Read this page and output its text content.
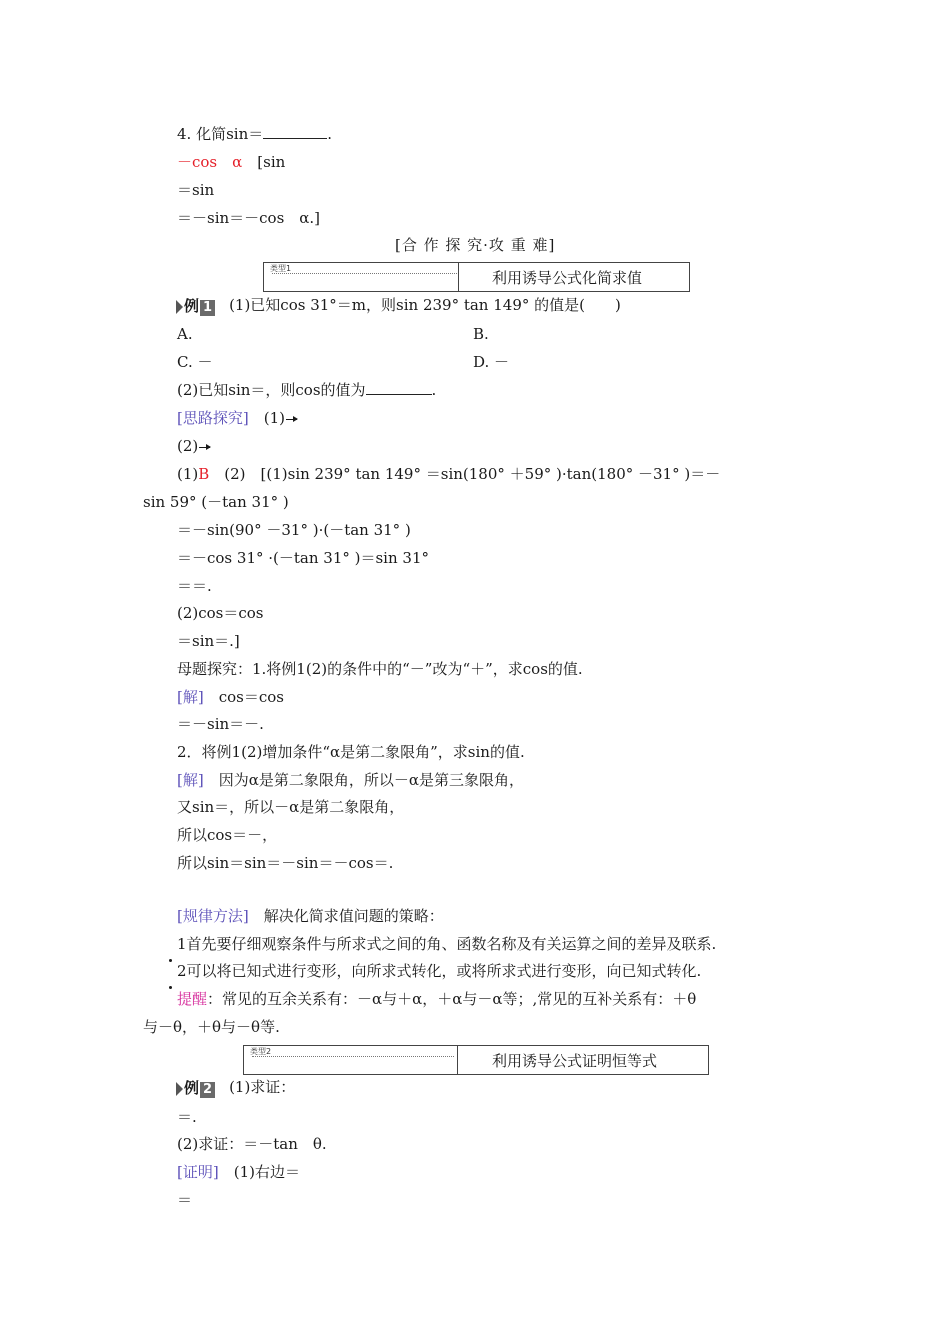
4. 化简sin＝	.
－cos　α　[sin
＝sin
＝－sin＝－cos　α.]
[合 作 探 究·攻 重 难]
类型1
利用诱导公式化简求值
例 1 (1)已知cos 31°＝m，则sin 239° tan 149° 的值是(　　)
A.	B.
C. －	D. －
(2)已知sin＝，则cos的值为	.
[思路探究]　 (1)
(2)
(1)B　(2)　[(1)sin 239° tan 149° ＝sin(180° ＋59° )·tan(180° －31° )＝－
sin 59° (－tan 31° )
＝－sin(90° －31° )·(－tan 31° )
＝－cos 31° ·(－tan 31° )＝sin 31°
＝＝.
(2)cos＝cos
＝sin＝.]
母题探究：1.将例1(2)的条件中的“－”改为“＋”，求cos的值.
[解]　cos＝cos
＝－sin＝－.
2．将例1(2)增加条件“α是第二象限角”，求sin的值.
[解]　因为α是第二象限角，所以－α是第三象限角，
又sin＝，所以－α是第二象限角，
所以cos＝－，
所以sin＝sin＝－sin＝－cos＝.
[规律方法]　解决化简求值问题的策略：
1首先要仔细观察条件与所求式之间的角、函数名称及有关运算之间的差异及联系.
2可以将已知式进行变形，向所求式转化，或将所求式进行变形，向已知式转化.
提醒：常见的互余关系有：－α与＋α，＋α与－α等；,常见的互补关系有：＋θ
与－θ，＋θ与－θ等.
类型2
利用诱导公式证明恒等式
例 2 (1)求证：
＝.
(2)求证：＝－tan　θ.
[证明]　(1)右边＝
＝
